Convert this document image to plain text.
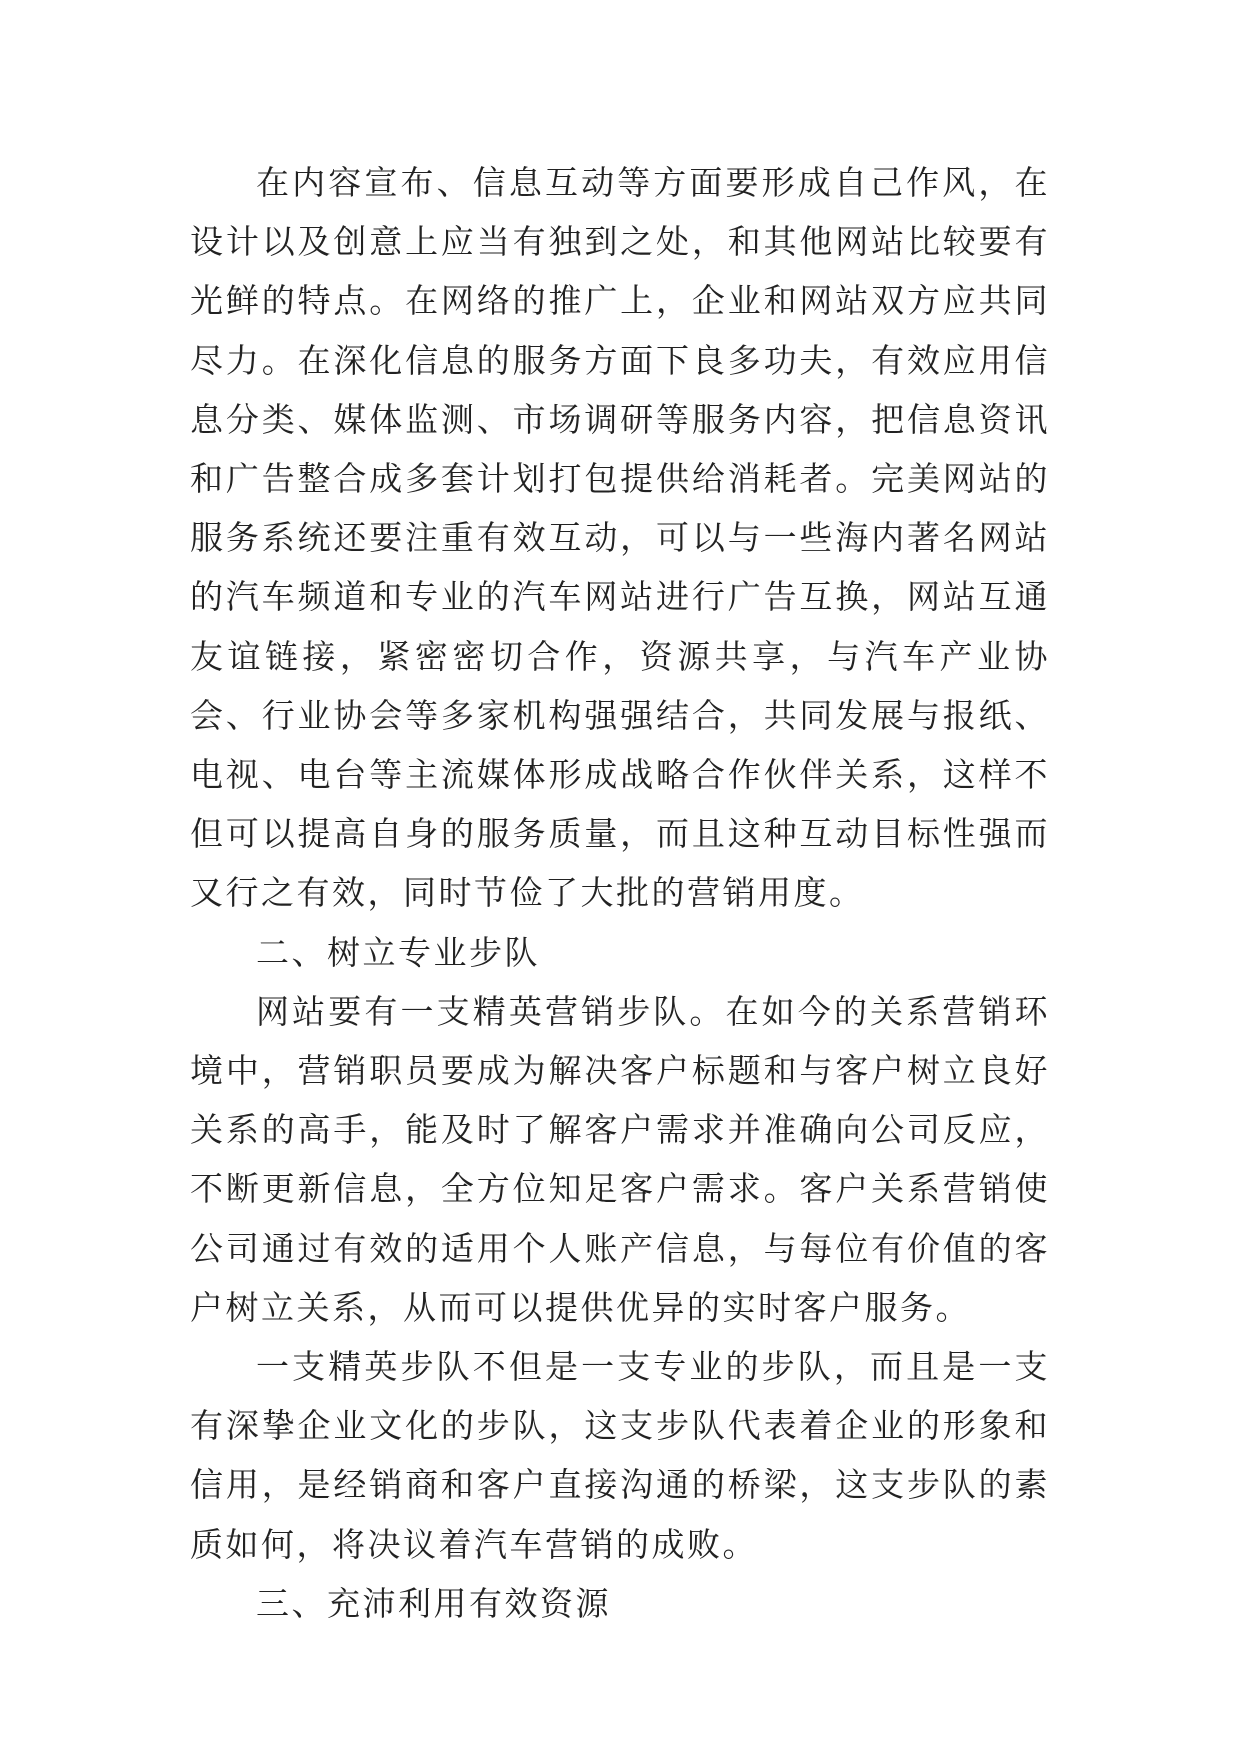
在内容宣布、信息互动等方面要形成自己作风，在设计以及创意上应当有独到之处，和其他网站比较要有光鲜的特点。在网络的推广上，企业和网站双方应共同尽力。在深化信息的服务方面下良多功夫，有效应用信息分类、媒体监测、市场调研等服务内容，把信息资讯和广告整合成多套计划打包提供给消耗者。完美网站的服务系统还要注重有效互动，可以与一些海内著名网站的汽车频道和专业的汽车网站进行广告互换，网站互通友谊链接，紧密密切合作，资源共享，与汽车产业协会、行业协会等多家机构强强结合，共同发展与报纸、电视、电台等主流媒体形成战略合作伙伴关系，这样不但可以提高自身的服务质量，而且这种互动目标性强而又行之有效，同时节俭了大批的营销用度。

二、树立专业步队

网站要有一支精英营销步队。在如今的关系营销环境中，营销职员要成为解决客户标题和与客户树立良好关系的高手，能及时了解客户需求并准确向公司反应，不断更新信息，全方位知足客户需求。客户关系营销使公司通过有效的适用个人账产信息，与每位有价值的客户树立关系，从而可以提供优异的实时客户服务。

一支精英步队不但是一支专业的步队，而且是一支有深挚企业文化的步队，这支步队代表着企业的形象和信用，是经销商和客户直接沟通的桥梁，这支步队的素质如何，将决议着汽车营销的成败。

三、充沛利用有效资源
